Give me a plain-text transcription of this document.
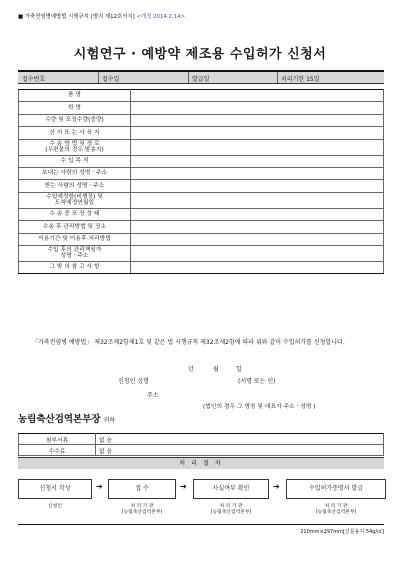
■ 가축전염병예방법 시행규칙 [별지 제12호서식] <개정 2014.2.14>
시험연구 · 예방약 제조용 수입허가 신청서
접수번호	접수일	발급일	처리기한 15일
품 명	
학 명	
수량 및 포장수량(중량)	
산 지 또 는 사 육 지	
수 송 방 법 및 경 로
(우편물의 경우 발송지)	
수 입 목 적	
보내는 사람의 성명 · 주소	
받는 사람의 성명 · 주소	
수입예정항(비행장) 및
도착예정연월일	
수 송 중 포 장 상 태	
수송 후 관리방법 및 장소	
이용기간 및 이용후 처리방법	
수입 후의 관리책임자
성명 · 주소	
그 밖 의 참 고 사 항	
「가축전염병 예방법」 제32조제2항제1호 및 같은 법 시행규칙 제32조제2항에 따라 위와 같이 수입허가를 신청합니다.
년	월	일
신청인 성명	(서명 또는 인)
주소
(법인의 경우 그 명칭 및 대표자 주소 · 성명 )
농림축산검역본부장 귀하
첨부서류	없 음
수수료	없 음
처 리 절 차
신청서 작성	➔	접 수	➔	사실여부 확인	➔	수입허가증명서 발급
신청인	처 리 기 관
(농림축산검역본부)
처 리 기 관
(농림축산검역본부)
처 리 기 관
(농림축산검역본부)
210mm×297mm[신문용지 54g/㎡]
